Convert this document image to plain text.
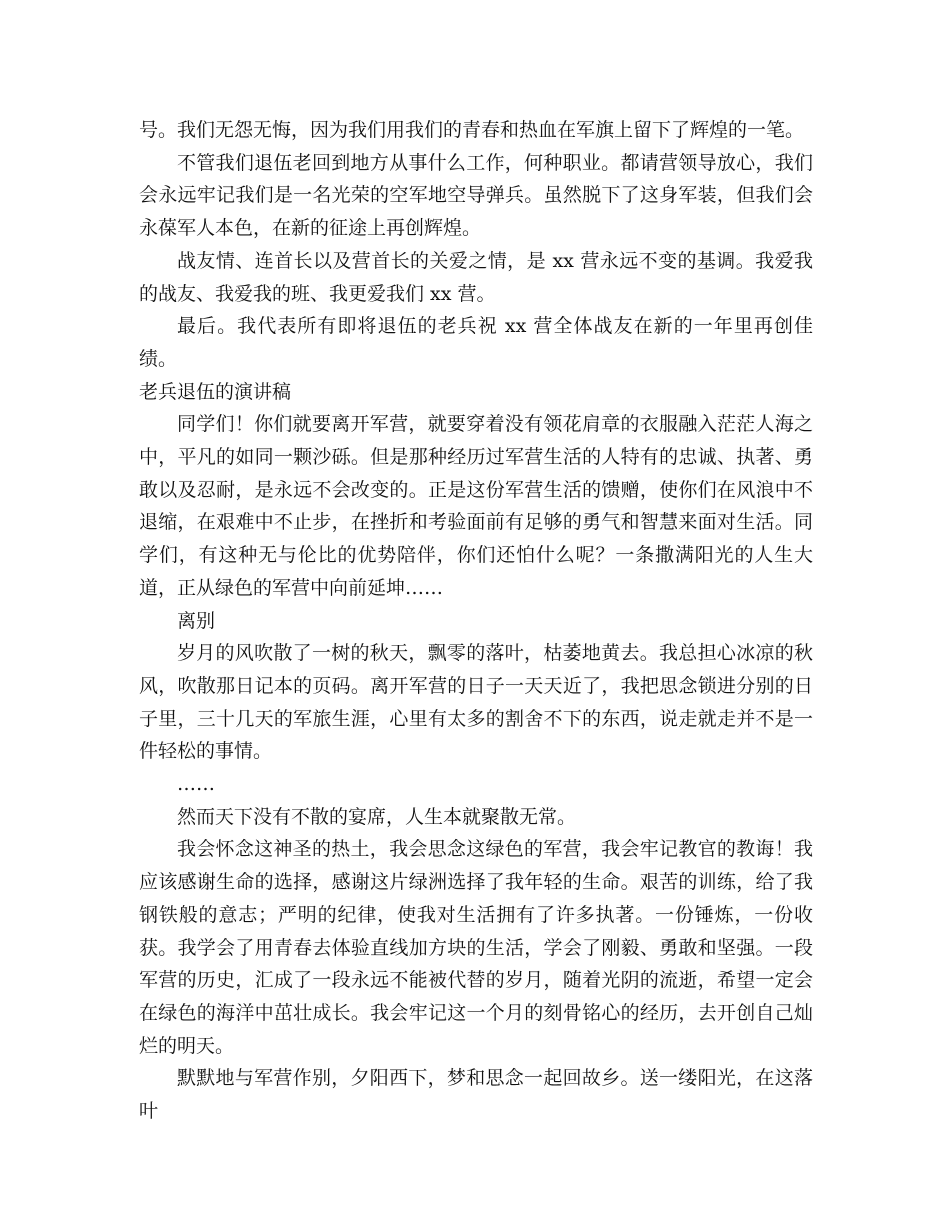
号。我们无怨无悔，因为我们用我们的青春和热血在军旗上留下了辉煌的一笔。

不管我们退伍老回到地方从事什么工作，何种职业。都请营领导放心，我们会永远牢记我们是一名光荣的空军地空导弹兵。虽然脱下了这身军装，但我们会永葆军人本色，在新的征途上再创辉煌。

战友情、连首长以及营首长的关爱之情，是 xx 营永远不变的基调。我爱我的战友、我爱我的班、我更爱我们 xx 营。

最后。我代表所有即将退伍的老兵祝 xx 营全体战友在新的一年里再创佳绩。

老兵退伍的演讲稿

同学们！你们就要离开军营，就要穿着没有领花肩章的衣服融入茫茫人海之中，平凡的如同一颗沙砾。但是那种经历过军营生活的人特有的忠诚、执著、勇敢以及忍耐，是永远不会改变的。正是这份军营生活的馈赠，使你们在风浪中不退缩，在艰难中不止步，在挫折和考验面前有足够的勇气和智慧来面对生活。同学们，有这种无与伦比的优势陪伴，你们还怕什么呢？一条撒满阳光的人生大道，正从绿色的军营中向前延坤……

离别

岁月的风吹散了一树的秋天，飘零的落叶，枯萎地黄去。我总担心冰凉的秋风，吹散那日记本的页码。离开军营的日子一天天近了，我把思念锁进分别的日子里，三十几天的军旅生涯，心里有太多的割舍不下的东西，说走就走并不是一件轻松的事情。

……

然而天下没有不散的宴席，人生本就聚散无常。

我会怀念这神圣的热土，我会思念这绿色的军营，我会牢记教官的教诲！我应该感谢生命的选择，感谢这片绿洲选择了我年轻的生命。艰苦的训练，给了我钢铁般的意志；严明的纪律，使我对生活拥有了许多执著。一份锤炼，一份收获。我学会了用青春去体验直线加方块的生活，学会了刚毅、勇敢和坚强。一段军营的历史，汇成了一段永远不能被代替的岁月，随着光阴的流逝，希望一定会在绿色的海洋中茁壮成长。我会牢记这一个月的刻骨铭心的经历，去开创自己灿烂的明天。

默默地与军营作别，夕阳西下，梦和思念一起回故乡。送一缕阳光，在这落叶
